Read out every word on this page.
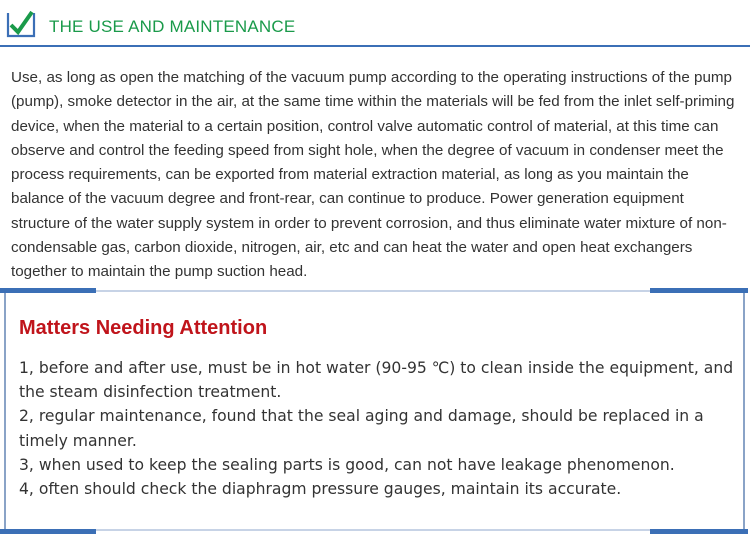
THE USE AND MAINTENANCE

Use, as long as open the matching of the vacuum pump according to the operating instructions of the pump (pump), smoke detector in the air, at the same time within the materials will be fed from the inlet self-priming device, when the material to a certain position, control valve automatic control of material, at this time can observe and control the feeding speed from sight hole, when the degree of vacuum in condenser meet the process requirements, can be exported from material extraction material, as long as you maintain the balance of the vacuum degree and front-rear, can continue to produce. Power generation equipment structure of the water supply system in order to prevent corrosion, and thus eliminate water mixture of non-condensable gas, carbon dioxide, nitrogen, air, etc and can heat the water and open heat exchangers together to maintain the pump suction head.

Matters Needing Attention
1, before and after use, must be in hot water (90-95 ℃) to clean inside the equipment, and the steam disinfection treatment.
2, regular maintenance, found that the seal aging and damage, should be replaced in a timely manner.
3, when used to keep the sealing parts is good, can not have leakage phenomenon.
4, often should check the diaphragm pressure gauges, maintain its accurate.
